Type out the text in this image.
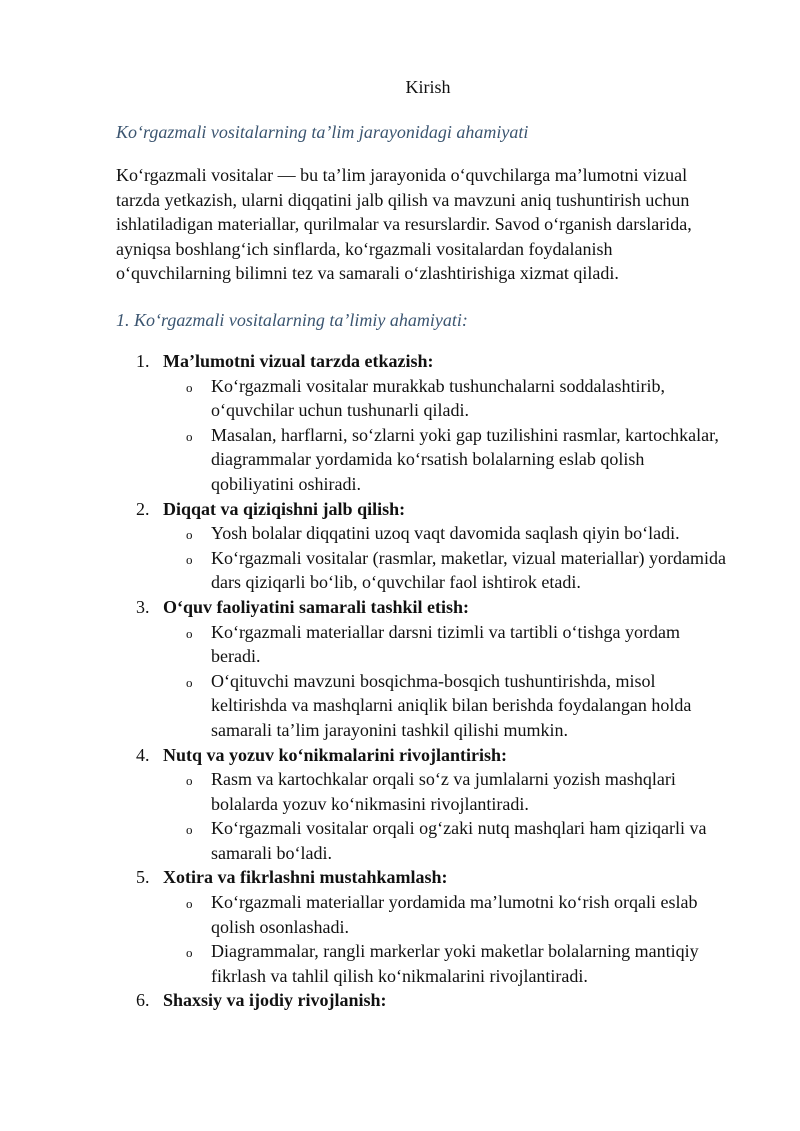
Kirish
Koʻrgazmali vositalarning taʼlim jarayonidagi ahamiyati

Koʻrgazmali vositalar — bu taʼlim jarayonida oʻquvchilarga maʼlumotni vizual tarzda yetkazish, ularni diqqatini jalb qilish va mavzuni aniq tushuntirish uchun ishlatiladigan materiallar, qurilmalar va resurslardir. Savod oʻrganish darslarida, ayniqsa boshlangʻich sinflarda, koʻrgazmali vositalardan foydalanish oʻquvchilarning bilimni tez va samarali oʻzlashtirishiga xizmat qiladi.

1. Koʻrgazmali vositalarning taʼlimiy ahamiyati:
1. Maʼlumotni vizual tarzda etkazish:
o Koʻrgazmali vositalar murakkab tushunchalarni soddalashtirib, oʻquvchilar uchun tushunarli qiladi.
o Masalan, harflarni, soʻzlarni yoki gap tuzilishini rasmlar, kartochkalar, diagrammalar yordamida koʻrsatish bolalarning eslab qolish qobiliyatini oshiradi.
2. Diqqat va qiziqishni jalb qilish:
o Yosh bolalar diqqatini uzoq vaqt davomida saqlash qiyin boʻladi.
o Koʻrgazmali vositalar (rasmlar, maketlar, vizual materiallar) yordamida dars qiziqarli boʻlib, oʻquvchilar faol ishtirok etadi.
3. Oʻquv faoliyatini samarali tashkil etish:
o Koʻrgazmali materiallar darsni tizimli va tartibli oʻtishga yordam beradi.
o Oʻqituvchi mavzuni bosqichma-bosqich tushuntirishda, misol keltirishda va mashqlarni aniqlik bilan berishda foydalangan holda samarali taʼlim jarayonini tashkil qilishi mumkin.
4. Nutq va yozuv koʻnikmalarini rivojlantirish:
o Rasm va kartochkalar orqali soʻz va jumlalarni yozish mashqlari bolalarda yozuv koʻnikmasini rivojlantiradi.
o Koʻrgazmali vositalar orqali ogʻzaki nutq mashqlari ham qiziqarli va samarali boʻladi.
5. Xotira va fikrlashni mustahkamlash:
o Koʻrgazmali materiallar yordamida maʼlumotni koʻrish orqali eslab qolish osonlashadi.
o Diagrammalar, rangli markerlar yoki maketlar bolalarning mantiqiy fikrlash va tahlil qilish koʻnikmalarini rivojlantiradi.
6. Shaxsiy va ijodiy rivojlanish:
